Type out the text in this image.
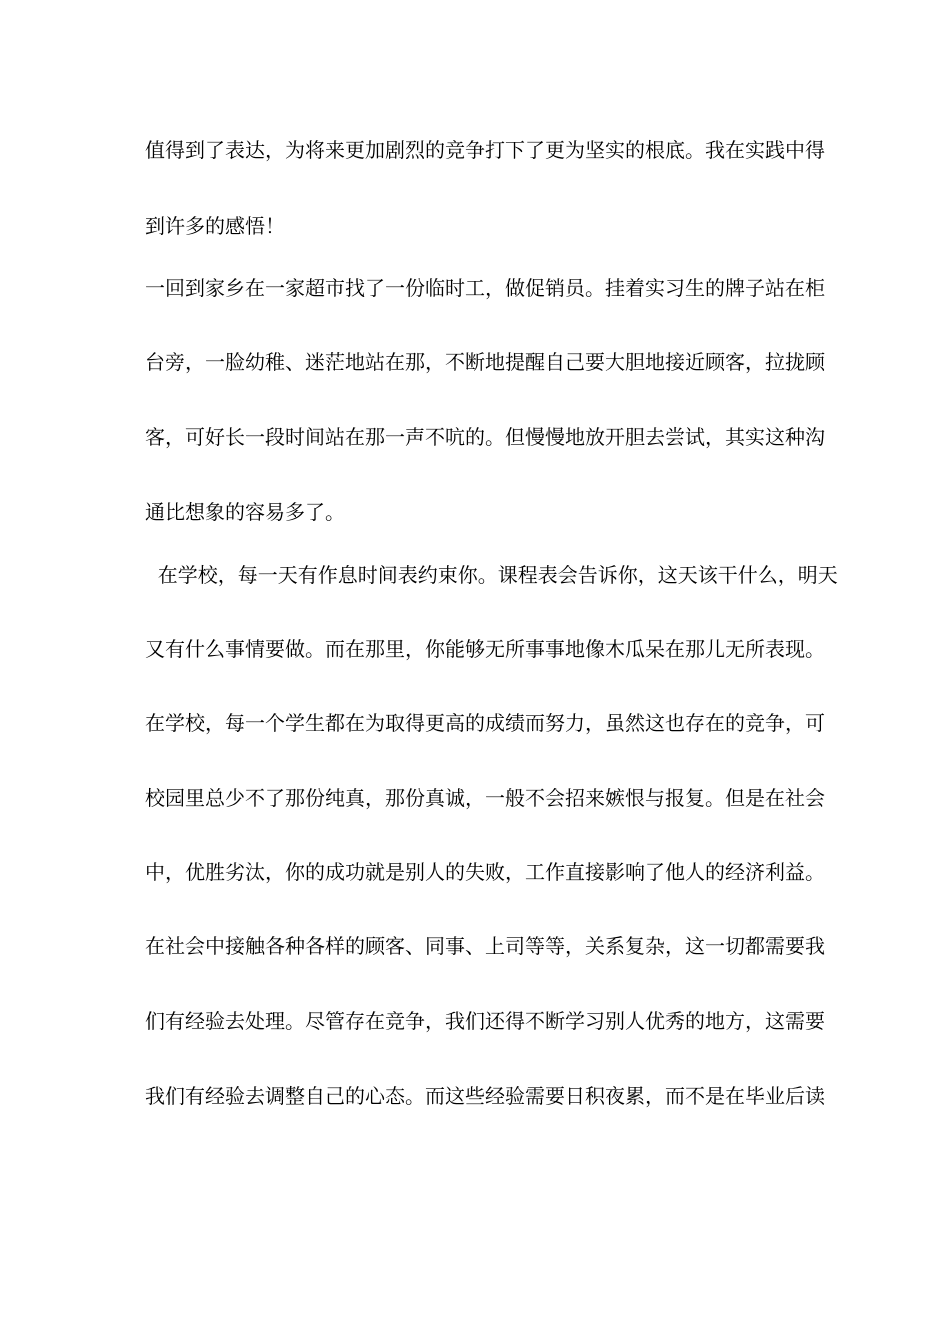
值得到了表达，为将来更加剧烈的竞争打下了更为坚实的根底。我在实践中得
到许多的感悟！
一回到家乡在一家超市找了一份临时工，做促销员。挂着实习生的牌子站在柜
台旁，一脸幼稚、迷茫地站在那，不断地提醒自己要大胆地接近顾客，拉拢顾
客，可好长一段时间站在那一声不吭的。但慢慢地放开胆去尝试，其实这种沟
通比想象的容易多了。
在学校，每一天有作息时间表约束你。课程表会告诉你，这天该干什么，明天
又有什么事情要做。而在那里，你能够无所事事地像木瓜呆在那儿无所表现。
在学校，每一个学生都在为取得更高的成绩而努力，虽然这也存在的竞争，可
校园里总少不了那份纯真，那份真诚，一般不会招来嫉恨与报复。但是在社会
中，优胜劣汰，你的成功就是别人的失败，工作直接影响了他人的经济利益。
在社会中接触各种各样的顾客、同事、上司等等，关系复杂，这一切都需要我
们有经验去处理。尽管存在竞争，我们还得不断学习别人优秀的地方，这需要
我们有经验去调整自己的心态。而这些经验需要日积夜累，而不是在毕业后读
